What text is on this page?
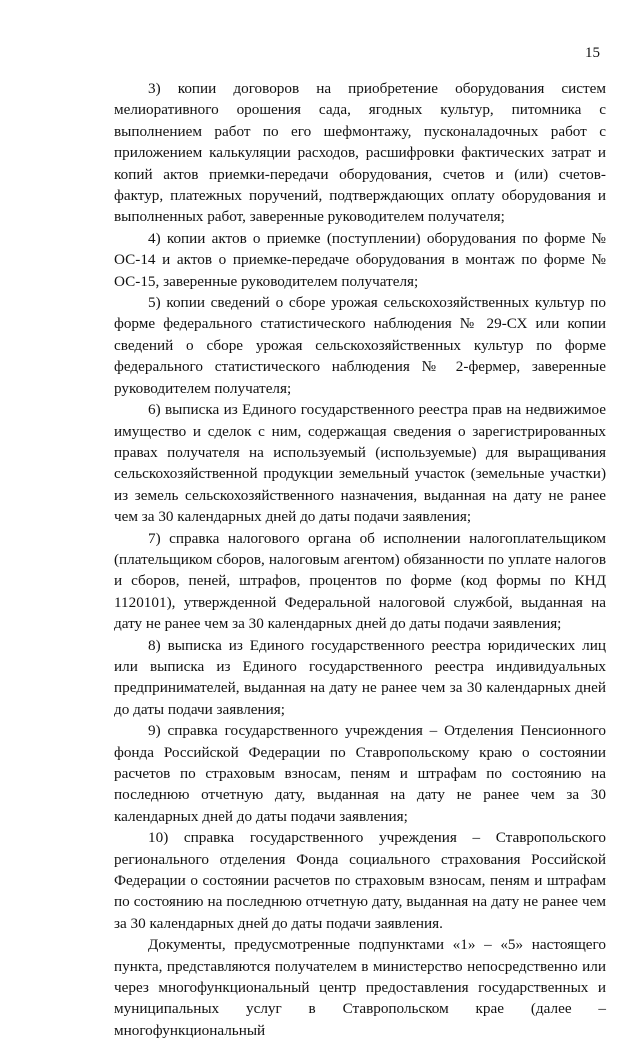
15

3) копии договоров на приобретение оборудования систем мелиоративного орошения сада, ягодных культур, питомника с выполнением работ по его шефмонтажу, пусконаладочных работ с приложением калькуляции расходов, расшифровки фактических затрат и копий актов приемки-передачи оборудования, счетов и (или) счетов-фактур, платежных поручений, подтверждающих оплату оборудования и выполненных работ, заверенные руководителем получателя;

4) копии актов о приемке (поступлении) оборудования по форме № ОС-14 и актов о приемке-передаче оборудования в монтаж по форме № ОС-15, заверенные руководителем получателя;

5) копии сведений о сборе урожая сельскохозяйственных культур по форме федерального статистического наблюдения № 29-СХ или копии сведений о сборе урожая сельскохозяйственных культур по форме федерального статистического наблюдения № 2-фермер, заверенные руководителем получателя;

6) выписка из Единого государственного реестра прав на недвижимое имущество и сделок с ним, содержащая сведения о зарегистрированных правах получателя на используемый (используемые) для выращивания сельскохозяйственной продукции земельный участок (земельные участки) из земель сельскохозяйственного назначения, выданная на дату не ранее чем за 30 календарных дней до даты подачи заявления;

7) справка налогового органа об исполнении налогоплательщиком (плательщиком сборов, налоговым агентом) обязанности по уплате налогов и сборов, пеней, штрафов, процентов по форме (код формы по КНД 1120101), утвержденной Федеральной налоговой службой, выданная на дату не ранее чем за 30 календарных дней до даты подачи заявления;

8) выписка из Единого государственного реестра юридических лиц или выписка из Единого государственного реестра индивидуальных предпринимателей, выданная на дату не ранее чем за 30 календарных дней до даты подачи заявления;

9) справка государственного учреждения – Отделения Пенсионного фонда Российской Федерации по Ставропольскому краю о состоянии расчетов по страховым взносам, пеням и штрафам по состоянию на последнюю отчетную дату, выданная на дату не ранее чем за 30 календарных дней до даты подачи заявления;

10) справка государственного учреждения – Ставропольского регионального отделения Фонда социального страхования Российской Федерации о состоянии расчетов по страховым взносам, пеням и штрафам по состоянию на последнюю отчетную дату, выданная на дату не ранее чем за 30 календарных дней до даты подачи заявления.

Документы, предусмотренные подпунктами «1» – «5» настоящего пункта, представляются получателем в министерство непосредственно или через многофункциональный центр предоставления государственных и муниципальных услуг в Ставропольском крае (далее – многофункциональный
